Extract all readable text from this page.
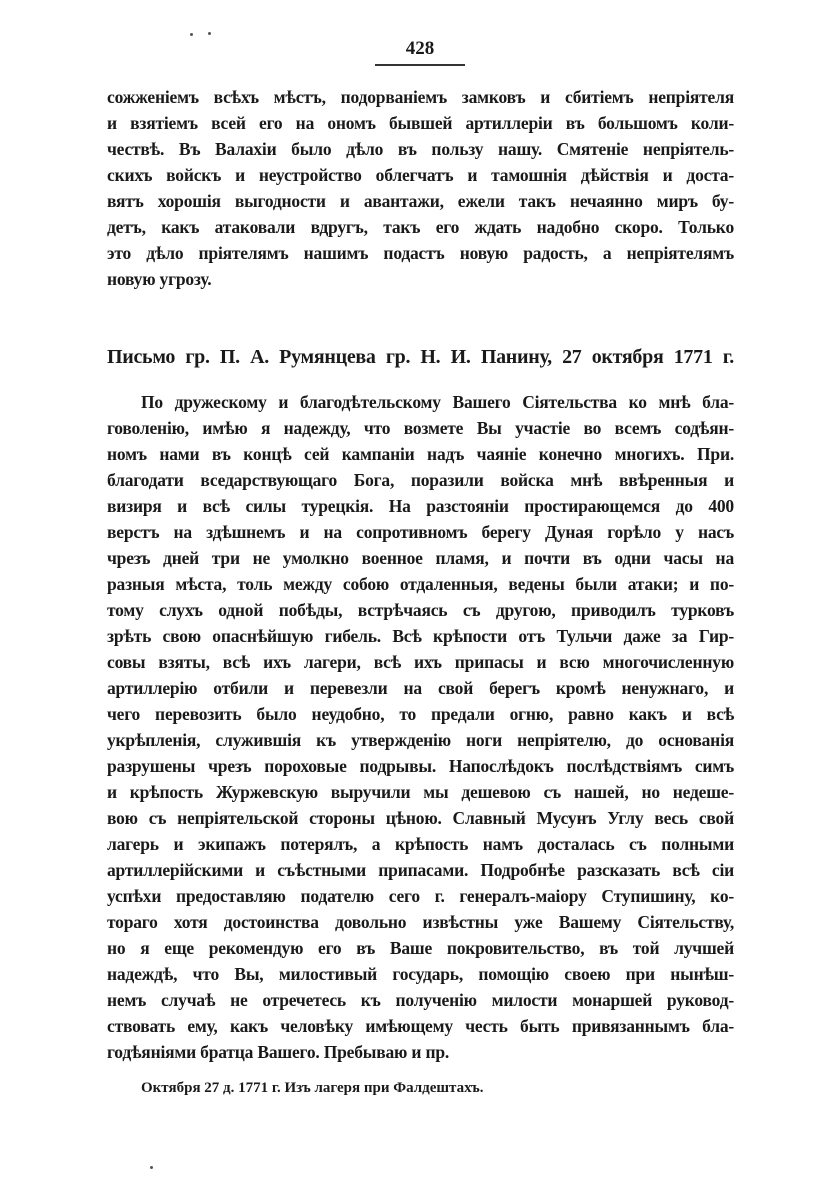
428
сожженіемъ всѣхъ мѣстъ, подорваніемъ замковъ и сбитіемъ непріятеля
и взятіемъ всей его на ономъ бывшей артиллеріи въ большомъ коли-
чествѣ. Въ Валахіи было дѣло въ пользу нашу. Смятеніе непріятель-
скихъ войскъ и неустройство облегчатъ и тамошнія дѣйствія и доста-
вятъ хорошія выгодности и авантажи, ежели такъ нечаянно миръ бу-
детъ, какъ атаковали вдругъ, такъ его ждать надобно скоро. Только
это дѣло пріятелямъ нашимъ подастъ новую радость, а непріятелямъ
новую угрозу.
Письмо гр. П. А. Румянцева гр. Н. И. Панину, 27 октября 1771 г.
По дружескому и благодѣтельскому Вашего Сіятельства ко мнѣ бла-
говоленію, имѣю я надежду, что возмете Вы участіе во всемъ содѣян-
номъ нами въ концѣ сей кампаніи надъ чаяніе конечно многихъ. При.
благодати вседарствующаго Бога, поразили войска мнѣ ввѣренныя и
визиря и всѣ силы турецкія. На разстояніи простирающемся до 400
верстъ на здѣшнемъ и на сопротивномъ берегу Дуная горѣло у насъ
чрезъ дней три не умолкно военное пламя, и почти въ одни часы на
разныя мѣста, толь между собою отдаленныя, ведены были атаки; и по-
тому слухъ одной побѣды, встрѣчаясь съ другою, приводилъ турковъ
зрѣть свою опаснѣйшую гибель. Всѣ крѣпости отъ Тульчи даже за Гир-
совы взяты, всѣ ихъ лагери, всѣ ихъ припасы и всю многочисленную
артиллерію отбили и перевезли на свой берегъ кромѣ ненужнаго, и
чего перевозить было неудобно, то предали огню, равно какъ и всѣ
укрѣпленія, служившія къ утвержденію ноги непріятелю, до основанія
разрушены чрезъ пороховые подрывы. Напослѣдокъ послѣдствіямъ симъ
и крѣпость Журжевскую выручили мы дешевою съ нашей, но недеше-
вою съ непріятельской стороны цѣною. Славный Мусунъ Углу весь свой
лагерь и экипажъ потерялъ, а крѣпость намъ досталась съ полными
артиллерійскими и съѣстными припасами. Подробнѣе разсказать всѣ сіи
успѣхи предоставляю подателю сего г. генералъ-маіору Ступишину, ко-
тораго хотя достоинства довольно извѣстны уже Вашему Сіятельству,
но я еще рекомендую его въ Ваше покровительство, въ той лучшей
надеждѣ, что Вы, милостивый государь, помощію своею при нынѣш-
немъ случаѣ не отречетесь къ полученію милости монаршей руковод-
ствовать ему, какъ человѣку имѣющему честь быть привязаннымъ бла-
годѣяніями братца Вашего. Пребываю и пр.
Октября 27 д. 1771 г. Изъ лагеря при Фалдештахъ.
